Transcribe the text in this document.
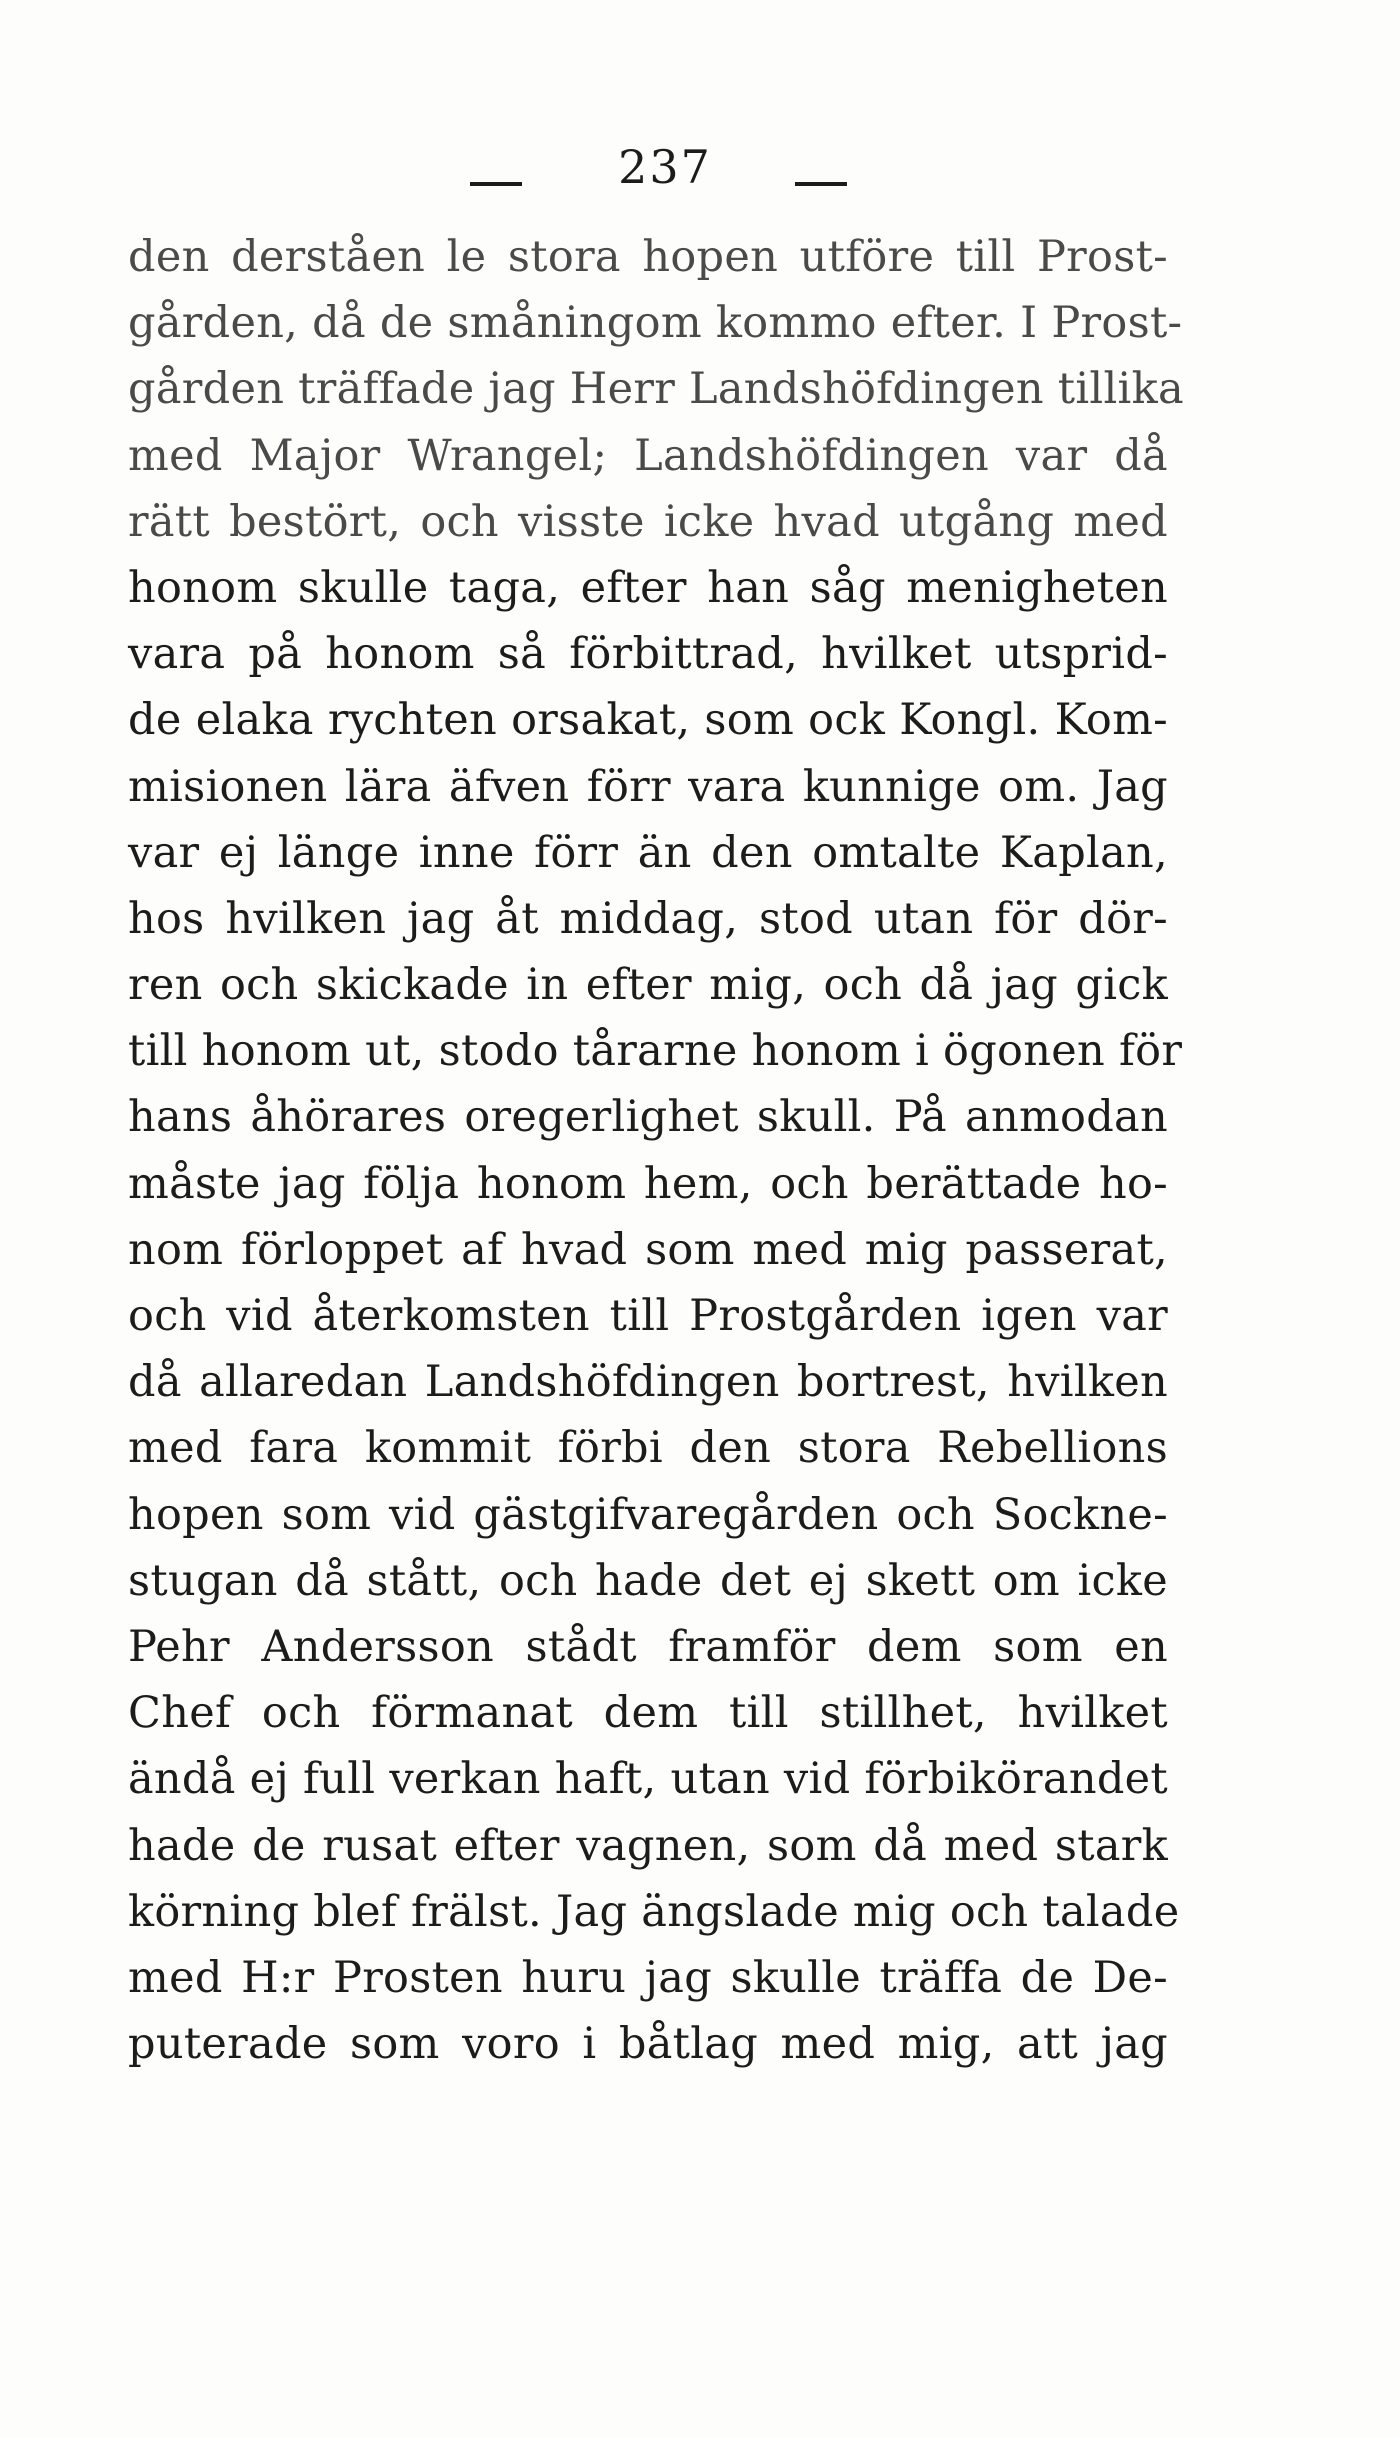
237
den derståen le stora hopen utföre till Prost-
gården, då de småningom kommo efter. I Prost-
gården träffade jag Herr Landshöfdingen tillika
med Major Wrangel; Landshöfdingen var då
rätt bestört, och visste icke hvad utgång med
honom skulle taga, efter han såg menigheten
vara på honom så förbittrad, hvilket utsprid-
de elaka rychten orsakat, som ock Kongl. Kom-
misionen lära äfven förr vara kunnige om. Jag
var ej länge inne förr än den omtalte Kaplan,
hos hvilken jag åt middag, stod utan för dör-
ren och skickade in efter mig, och då jag gick
till honom ut, stodo tårarne honom i ögonen för
hans åhörares oregerlighet skull. På anmodan
måste jag följa honom hem, och berättade ho-
nom förloppet af hvad som med mig passerat,
och vid återkomsten till Prostgården igen var
då allaredan Landshöfdingen bortrest, hvilken
med fara kommit förbi den stora Rebellions
hopen som vid gästgifvaregården och Sockne-
stugan då stått, och hade det ej skett om icke
Pehr Andersson stådt framför dem som en
Chef och förmanat dem till stillhet, hvilket
ändå ej full verkan haft, utan vid förbikörandet
hade de rusat efter vagnen, som då med stark
körning blef frälst. Jag ängslade mig och talade
med H:r Prosten huru jag skulle träffa de De-
puterade som voro i båtlag med mig, att jag
